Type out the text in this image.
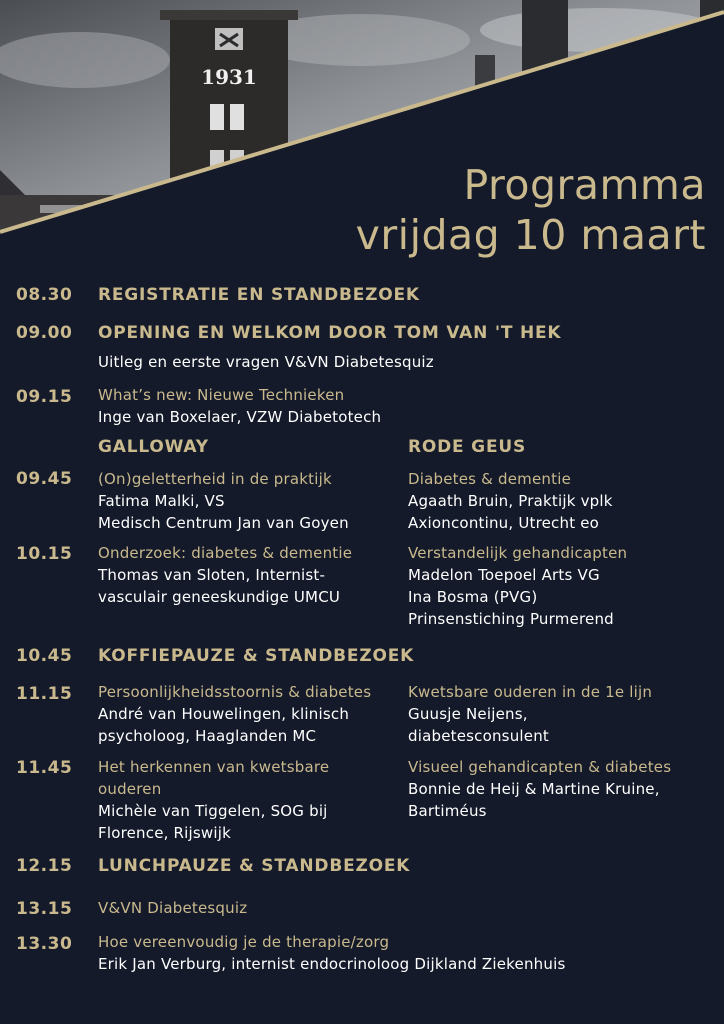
1931
Programma
vrijdag 10 maart
08.30 REGISTRATIE EN STANDBEZOEK
09.00 OPENING EN WELKOM DOOR TOM VAN 'T HEK
Uitleg en eerste vragen V&VN Diabetesquiz
09.15 What’s new: Nieuwe Technieken
Inge van Boxelaer, VZW Diabetotech
GALLOWAY	RODE GEUS
09.45 (On)geletterheid in de praktijk
Fatima Malki, VS
Medisch Centrum Jan van Goyen
Diabetes & dementie
Agaath Bruin, Praktijk vplk
Axioncontinu, Utrecht eo
10.15 Onderzoek: diabetes & dementie
Thomas van Sloten, Internist-
vasculair geneeskundige UMCU
Verstandelijk gehandicapten
Madelon Toepoel Arts VG
Ina Bosma (PVG)
Prinsenstiching Purmerend
10.45 KOFFIEPAUZE & STANDBEZOEK
11.15 Persoonlijkheidsstoornis & diabetes
André van Houwelingen, klinisch
psycholoog, Haaglanden MC
Kwetsbare ouderen in de 1e lijn
Guusje Neijens,
diabetesconsulent
11.45 Het herkennen van kwetsbare
ouderen
Michèle van Tiggelen, SOG bij
Florence, Rijswijk
Visueel gehandicapten & diabetes
Bonnie de Heij & Martine Kruine,
Bartiméus
12.15 LUNCHPAUZE & STANDBEZOEK
13.15 V&VN Diabetesquiz
13.30 Hoe vereenvoudig je de therapie/zorg
Erik Jan Verburg, internist endocrinoloog Dijkland Ziekenhuis
